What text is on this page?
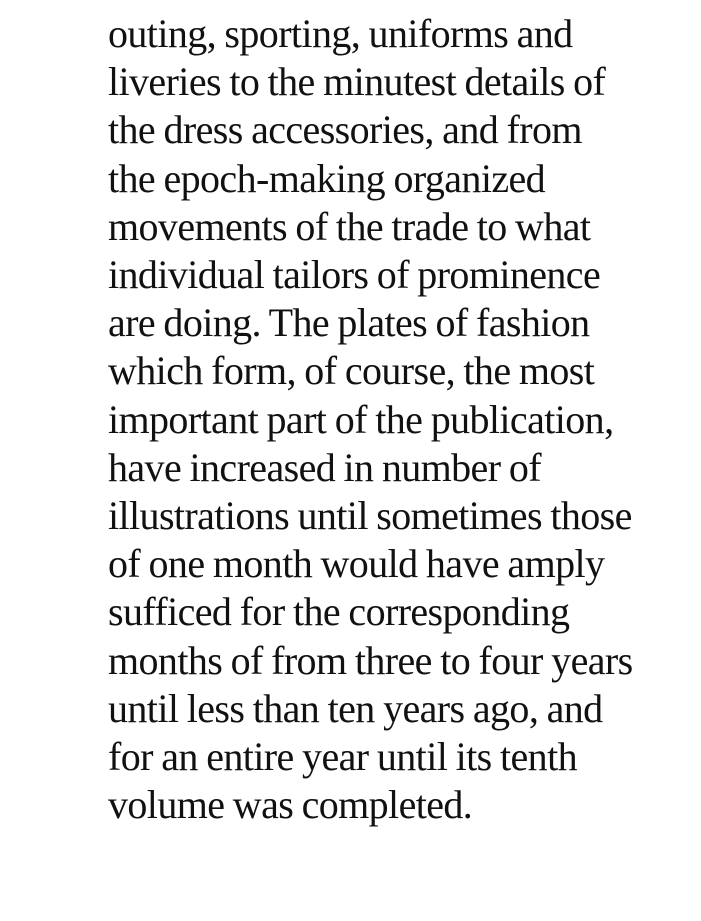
outing, sporting, uniforms and
liveries to the minutest details of
the dress accessories, and from
the epoch-making organized
movements of the trade to what
individual tailors of prominence
are doing. The plates of fashion
which form, of course, the most
important part of the publication,
have increased in number of
illustrations until sometimes those
of one month would have amply
sufficed for the corresponding
months of from three to four years
until less than ten years ago, and
for an entire year until its tenth
volume was completed.
